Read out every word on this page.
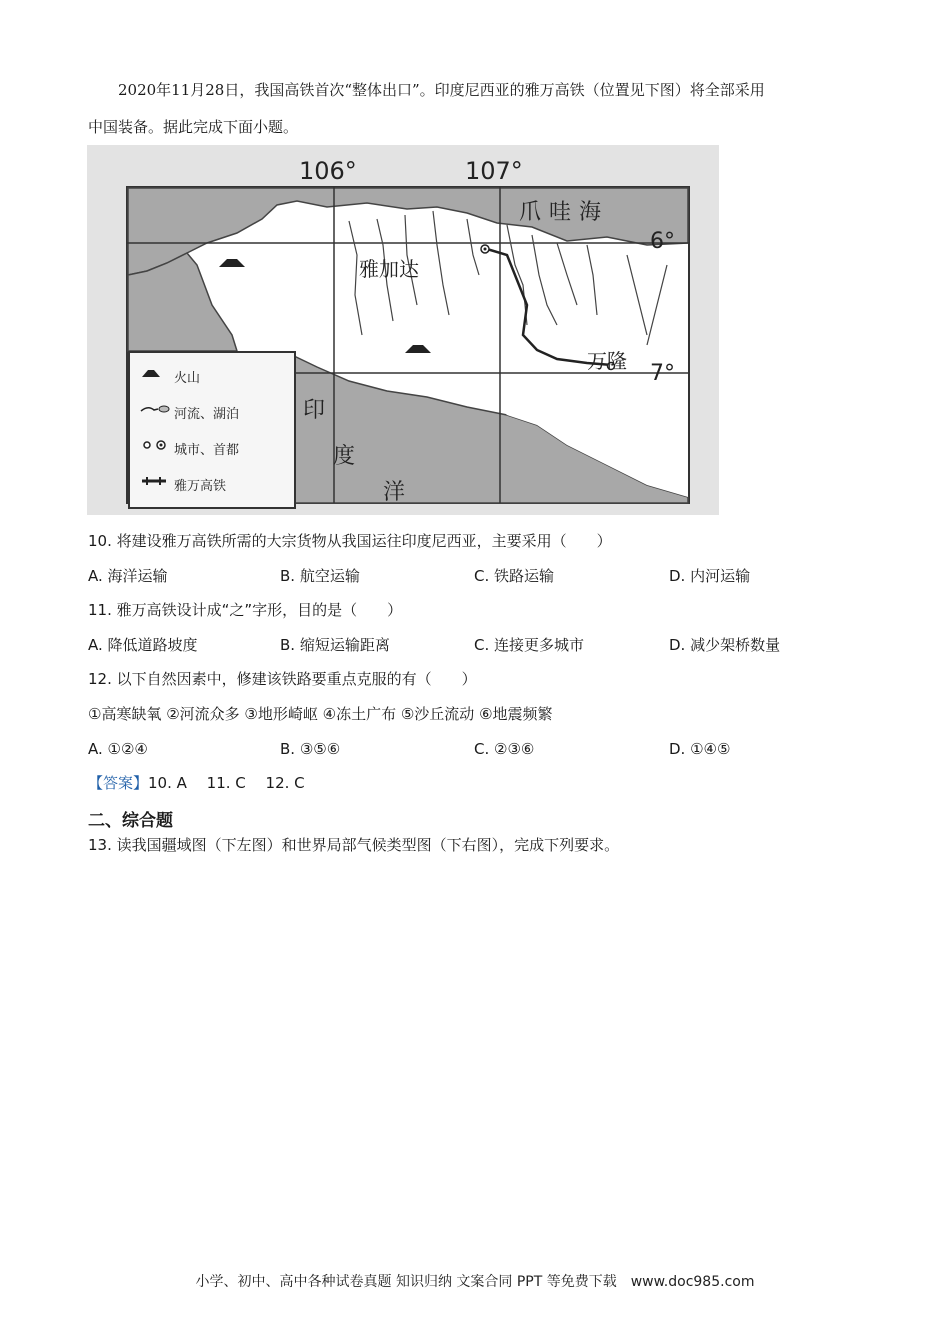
2020年11月28日，我国高铁首次“整体出口”。印度尼西亚的雅万高铁（位置见下图）将全部采用
中国装备。据此完成下面小题。
106°	107°
6°
7°
爪哇海
雅加达
万隆
印
度
洋
火山
河流、湖泊
城市、首都
雅万高铁
10. 将建设雅万高铁所需的大宗货物从我国运往印度尼西亚，主要采用（　　）
A. 海洋运输	B. 航空运输	C. 铁路运输	D. 内河运输
11. 雅万高铁设计成“之”字形，目的是（　　）
A. 降低道路坡度	B. 缩短运输距离	C. 连接更多城市	D. 减少架桥数量
12. 以下自然因素中，修建该铁路要重点克服的有（　　）
①高寒缺氧 ②河流众多 ③地形崎岖 ④冻土广布 ⑤沙丘流动 ⑥地震频繁
A. ①②④	B. ③⑤⑥	C. ②③⑥	D. ①④⑤
【答案】10. A　 11. C　 12. C
二、综合题
13. 读我国疆域图（下左图）和世界局部气候类型图（下右图），完成下列要求。
小学、初中、高中各种试卷真题 知识归纳 文案合同 PPT 等免费下载　www.doc985.com
